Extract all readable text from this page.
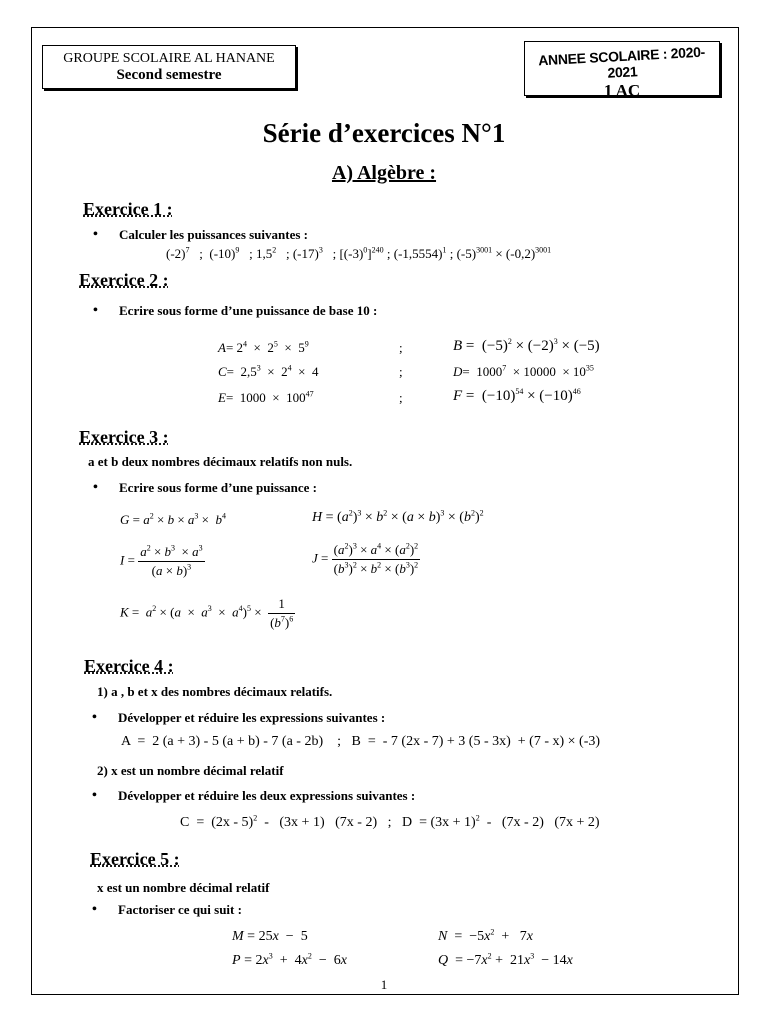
GROUPE SCOLAIRE AL HANANE
Second semestre
ANNEE SCOLAIRE : 2020-2021
1 AC
Série d’exercices N°1
A) Algèbre :
Exercice 1 :
• Calculer les puissances suivantes :
$(-2)^7$   ;  $(-10)^9$   ; $1,5^2$   ; $(-17)^3$   ; $[(-3)^0]^{240}$ ; $(-1,5554)^1$ ; $(-5)^{3001} \times (-0,2)^{3001}$
Exercice 2 :
• Ecrire sous forme d’une puissance de base 10 :
$A= 2^4 \times 2^5 \times 5^9$	;	$B = (-5)^2 \times (-2)^3 \times (-5)$
$C= 2,5^3 \times 2^4 \times 4$	;	$D= 1000^7 \times 10000 \times 10^{35}$
$E= 1000 \times 100^{47}$	;	$F = (-10)^{54} \times (-10)^{46}$
Exercice 3 :
a et b deux nombres décimaux relatifs non nuls.
• Ecrire sous forme d’une puissance :
$G = a^2 \times b \times a^3 \times b^4$	$H = (a^2)^3 \times b^2 \times (a \times b)^3 \times (b^2)^2$
$I = \frac{a^2 \times b^3 \times a^3}{(a \times b)^3}$	$J = \frac{(a^2)^3 \times a^4 \times (a^2)^2}{(b^3)^2 \times b^2 \times (b^3)^2}$
$K = a^2 \times (a \times a^3 \times a^4)^5 \times \frac{1}{(b^7)^6}$
Exercice 4 :
1) a , b et x des nombres décimaux relatifs.
• Développer et réduire les expressions suivantes :
A  =  2 (a + 3) - 5 (a + b) - 7 (a - 2b)    ;   B  =  - 7 (2x - 7) + 3 (5 - 3x)  + (7 - x) × (-3)
2) x est un nombre décimal relatif
• Développer et réduire les deux expressions suivantes :
C  =  (2x - 5)$^2$  -   (3x + 1)   (7x - 2)   ;   $D = (3x + 1)^2 - (7x - 2)$   (7x + 2)
Exercice 5 :
x est un nombre décimal relatif
• Factoriser ce qui suit :
M = 25x  −  5	$N = -5x^2 + 7x$
$P = 2x^3 + 4x^2 - 6x$	$Q = -7x^2 + 21x^3 - 14x$
1
